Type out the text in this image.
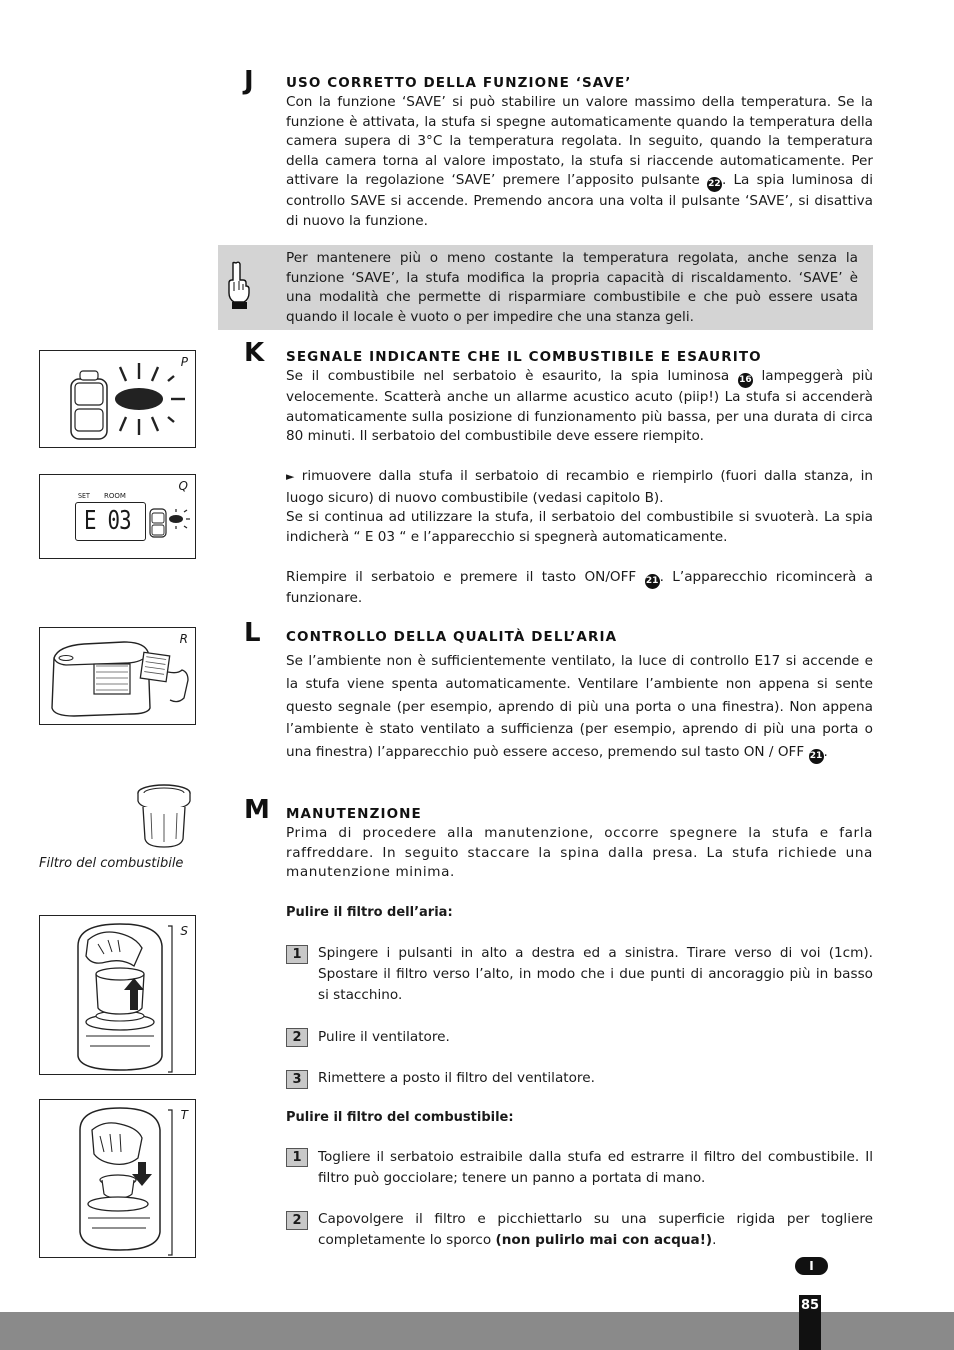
J USO CORRETTO DELLA FUNZIONE ‘SAVE’

Con la funzione ‘SAVE’ si può stabilire un valore massimo della temperatura. Se la funzione è attivata, la stufa si spegne automaticamente quando la temperatura della camera supera di 3°C la temperatura regolata. In seguito, quando la temperatura della camera torna al valore impostato, la stufa si riaccende automaticamente. Per attivare la regolazione ‘SAVE’ premere l’apposito pulsante 22. La spia luminosa di controllo SAVE si accende. Premendo ancora una volta il pulsante ‘SAVE’, si disattiva di nuovo la funzione.

Per mantenere più o meno costante la temperatura regolata, anche senza la funzione ‘SAVE’, la stufa modifica la propria capacità di riscaldamento. ‘SAVE’ è una modalità che permette di risparmiare combustibile e che può essere usata quando il locale è vuoto o per impedire che una stanza geli.

K SEGNALE INDICANTE CHE IL COMBUSTIBILE E ESAURITO

Se il combustibile nel serbatoio è esaurito, la spia luminosa 16 lampeggerà più velocemente. Scatterà anche un allarme acustico acuto (piip!) La stufa si accenderà automaticamente sulla posizione di funzionamento più bassa, per una durata di circa 80 minuti. Il serbatoio del combustibile deve essere riempito.

► rimuovere dalla stufa il serbatoio di recambio e riempirlo (fuori dalla stanza, in luogo sicuro) di nuovo combustibile (vedasi capitolo B).

Se si continua ad utilizzare la stufa, il serbatoio del combustibile si svuoterà. La spia indicherà “ E 03 “ e l’apparecchio si spegnerà automaticamente.

Riempire il serbatoio e premere il tasto ON/OFF 21. L’apparecchio ricomincerà a funzionare.

L CONTROLLO DELLA QUALITÀ DELL’ARIA

Se l’ambiente non è sufficientemente ventilato, la luce di controllo E17 si accende e la stufa viene spenta automaticamente. Ventilare l’ambiente non appena si sente questo segnale (per esempio, aprendo di più una porta o una finestra). Non appena l’ambiente è stato ventilato a sufficienza (per esempio, aprendo di più una porta o una finestra) l’apparecchio può essere acceso, premendo sul tasto ON / OFF 21.

M MANUTENZIONE

Prima di procedere alla manutenzione, occorre spegnere la stufa e farla raffreddare. In seguito staccare la spina dalla presa. La stufa richiede una manutenzione minima.

Pulire il filtro dell’aria:
1	Spingere i pulsanti in alto a destra ed a sinistra. Tirare verso di voi (1cm). Spostare il filtro verso l’alto, in modo che i due punti di ancoraggio più in basso si stacchino.

2	Pulire il ventilatore.

3	Rimettere a posto il filtro del ventilatore.

Pulire il filtro del combustibile:
1	Togliere il serbatoio estraibile dalla stufa ed estrarre il filtro del combustibile. Il filtro può gocciolare; tenere un panno a portata di mano.

2	Capovolgere il filtro e picchiettarlo su una superficie rigida per togliere completamente lo sporco (non pulirlo mai con acqua!).

P
Q
SET ROOM
E 03
R
Filtro del combustibile
S
T
I
85
